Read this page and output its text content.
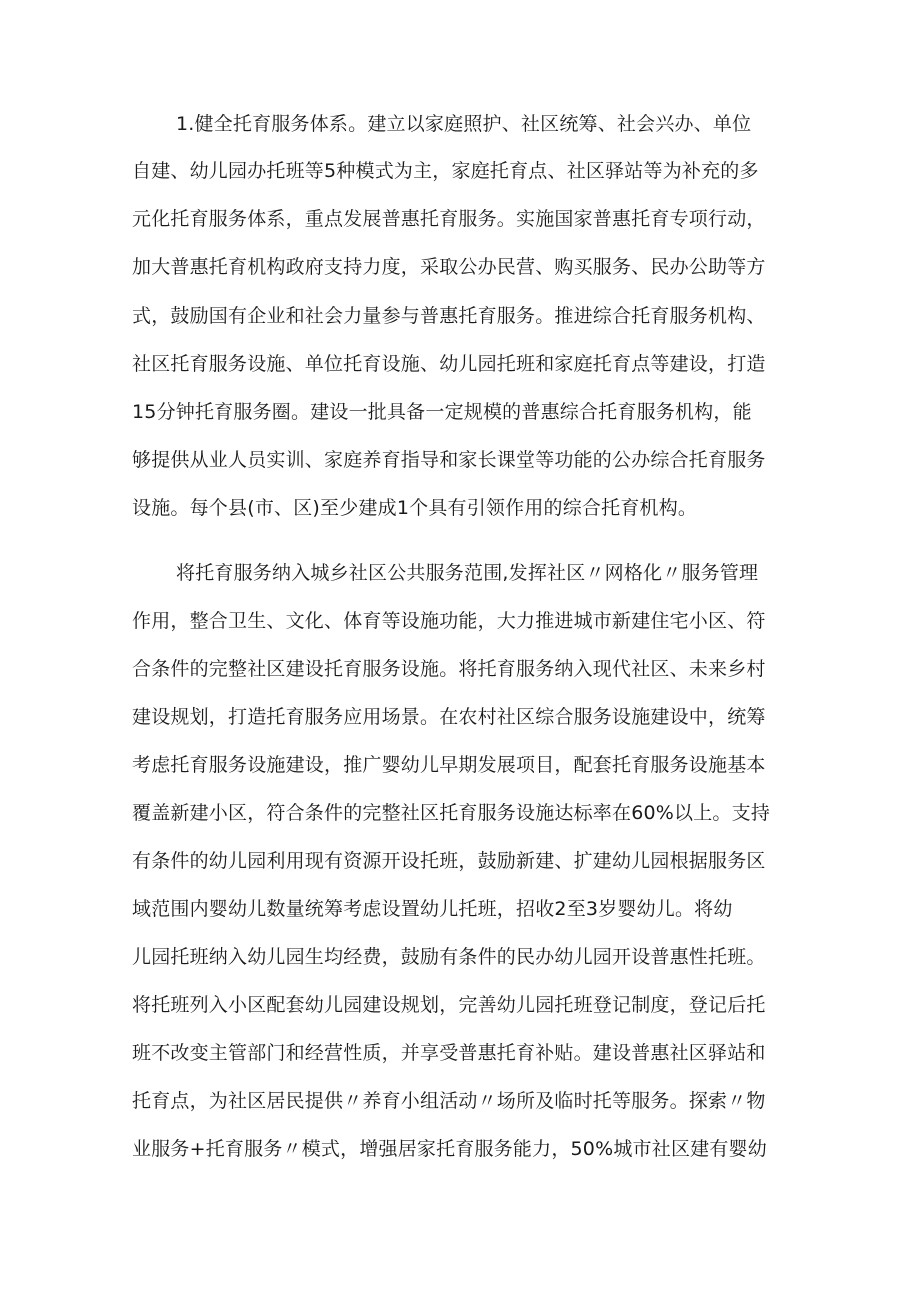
1.健全托育服务体系。建立以家庭照护、社区统筹、社会兴办、单位
自建、幼儿园办托班等5种模式为主，家庭托育点、社区驿站等为补充的多
元化托育服务体系，重点发展普惠托育服务。实施国家普惠托育专项行动，
加大普惠托育机构政府支持力度，采取公办民营、购买服务、民办公助等方
式，鼓励国有企业和社会力量参与普惠托育服务。推进综合托育服务机构、
社区托育服务设施、单位托育设施、幼儿园托班和家庭托育点等建设，打造
15分钟托育服务圈。建设一批具备一定规模的普惠综合托育服务机构，能
够提供从业人员实训、家庭养育指导和家长课堂等功能的公办综合托育服务
设施。每个县(市、区)至少建成1个具有引领作用的综合托育机构。
将托育服务纳入城乡社区公共服务范围,发挥社区〃网格化〃服务管理
作用，整合卫生、文化、体育等设施功能，大力推进城市新建住宅小区、符
合条件的完整社区建设托育服务设施。将托育服务纳入现代社区、未来乡村
建设规划，打造托育服务应用场景。在农村社区综合服务设施建设中，统筹
考虑托育服务设施建设，推广婴幼儿早期发展项目，配套托育服务设施基本
覆盖新建小区，符合条件的完整社区托育服务设施达标率在60%以上。支持
有条件的幼儿园利用现有资源开设托班，鼓励新建、扩建幼儿园根据服务区
域范围内婴幼儿数量统筹考虑设置幼儿托班，招收2至3岁婴幼儿。将幼
儿园托班纳入幼儿园生均经费，鼓励有条件的民办幼儿园开设普惠性托班。
将托班列入小区配套幼儿园建设规划，完善幼儿园托班登记制度，登记后托
班不改变主管部门和经营性质，并享受普惠托育补贴。建设普惠社区驿站和
托育点，为社区居民提供〃养育小组活动〃场所及临时托等服务。探索〃物
业服务+托育服务〃模式，增强居家托育服务能力，50%城市社区建有婴幼
